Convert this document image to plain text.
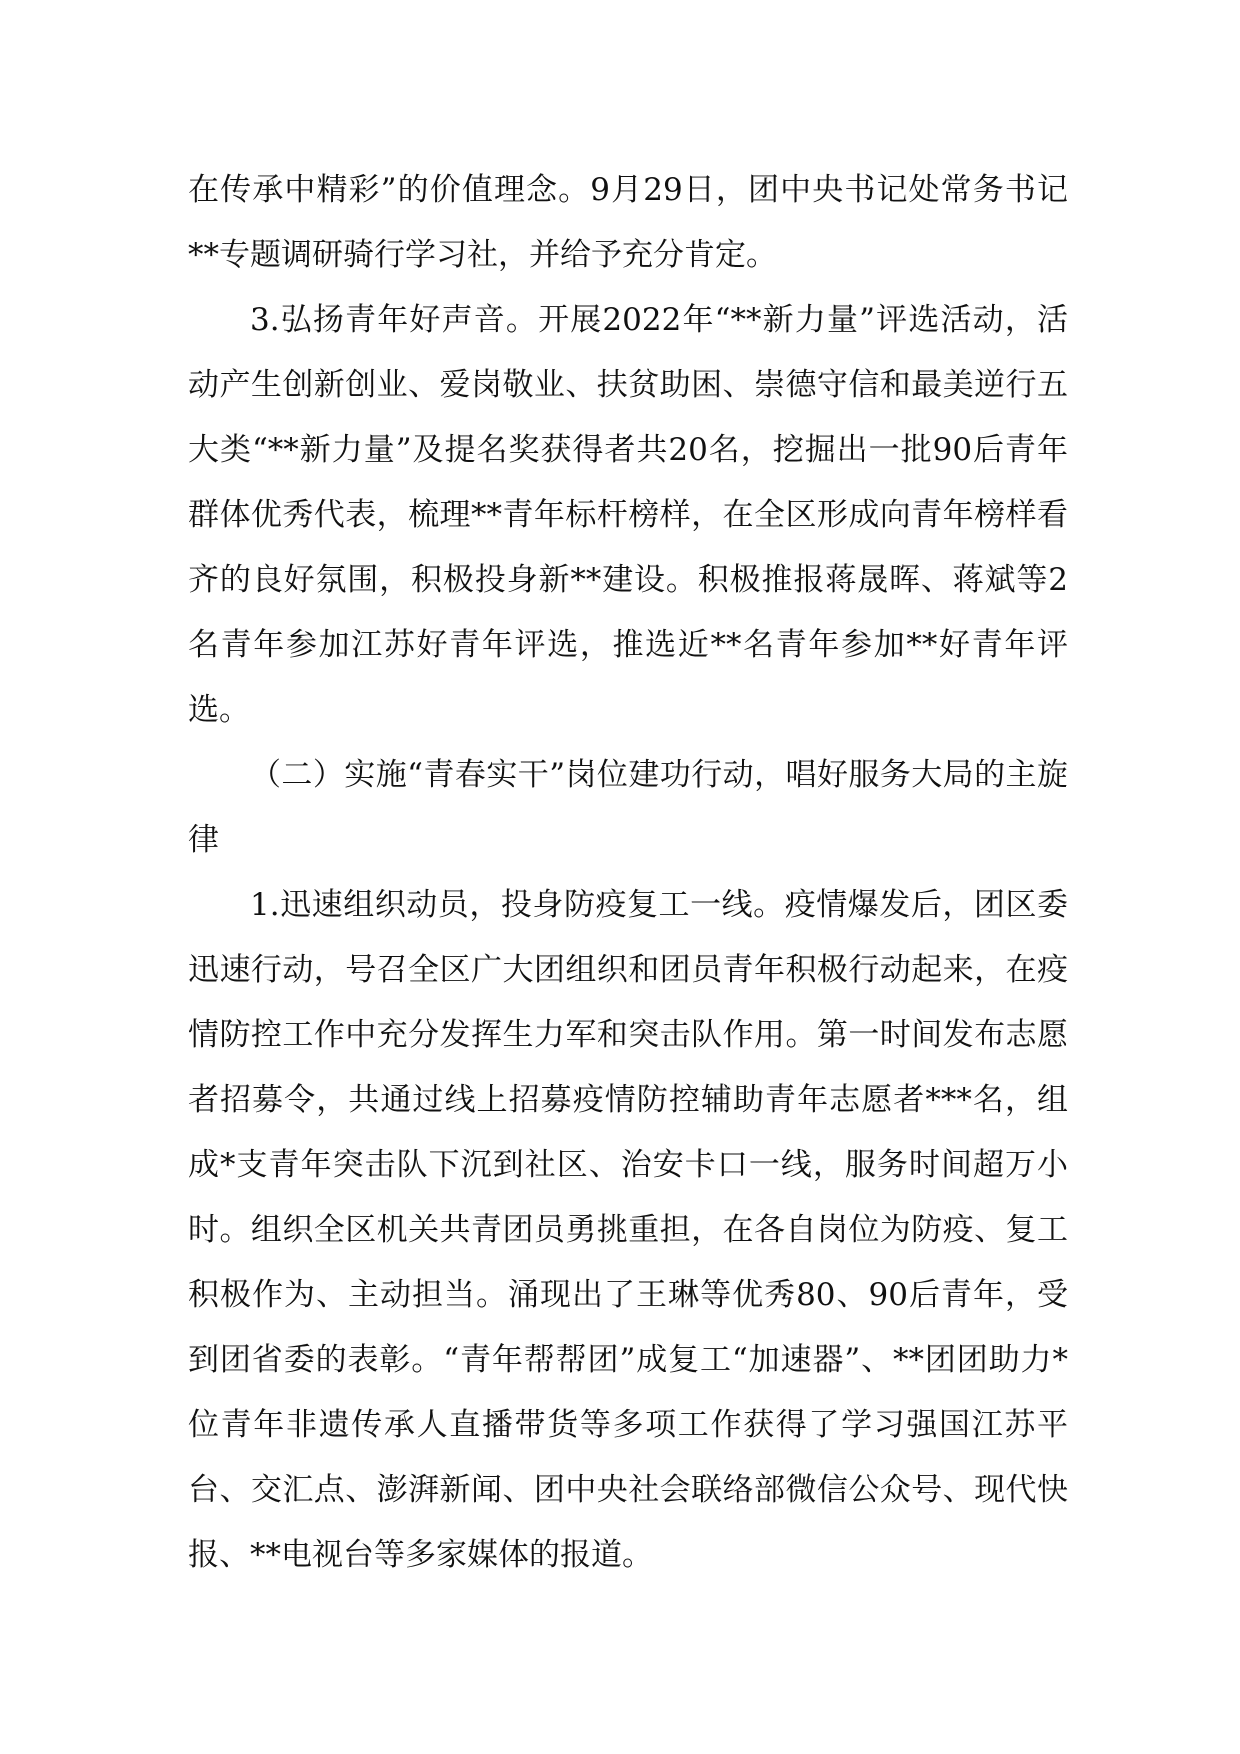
在传承中精彩”的价值理念。9月29日，团中央书记处常务书记**专题调研骑行学习社，并给予充分肯定。

3.弘扬青年好声音。开展2022年“**新力量”评选活动，活动产生创新创业、爱岗敬业、扶贫助困、崇德守信和最美逆行五大类“**新力量”及提名奖获得者共20名，挖掘出一批90后青年群体优秀代表，梳理**青年标杆榜样，在全区形成向青年榜样看齐的良好氛围，积极投身新**建设。积极推报蒋晟晖、蒋斌等2名青年参加江苏好青年评选，推选近**名青年参加**好青年评选。

（二）实施“青春实干”岗位建功行动，唱好服务大局的主旋律

1.迅速组织动员，投身防疫复工一线。疫情爆发后，团区委迅速行动，号召全区广大团组织和团员青年积极行动起来，在疫情防控工作中充分发挥生力军和突击队作用。第一时间发布志愿者招募令，共通过线上招募疫情防控辅助青年志愿者***名，组成*支青年突击队下沉到社区、治安卡口一线，服务时间超万小时。组织全区机关共青团员勇挑重担，在各自岗位为防疫、复工积极作为、主动担当。涌现出了王琳等优秀80、90后青年，受到团省委的表彰。“青年帮帮团”成复工“加速器”、**团团助力*位青年非遗传承人直播带货等多项工作获得了学习强国江苏平台、交汇点、澎湃新闻、团中央社会联络部微信公众号、现代快报、**电视台等多家媒体的报道。
